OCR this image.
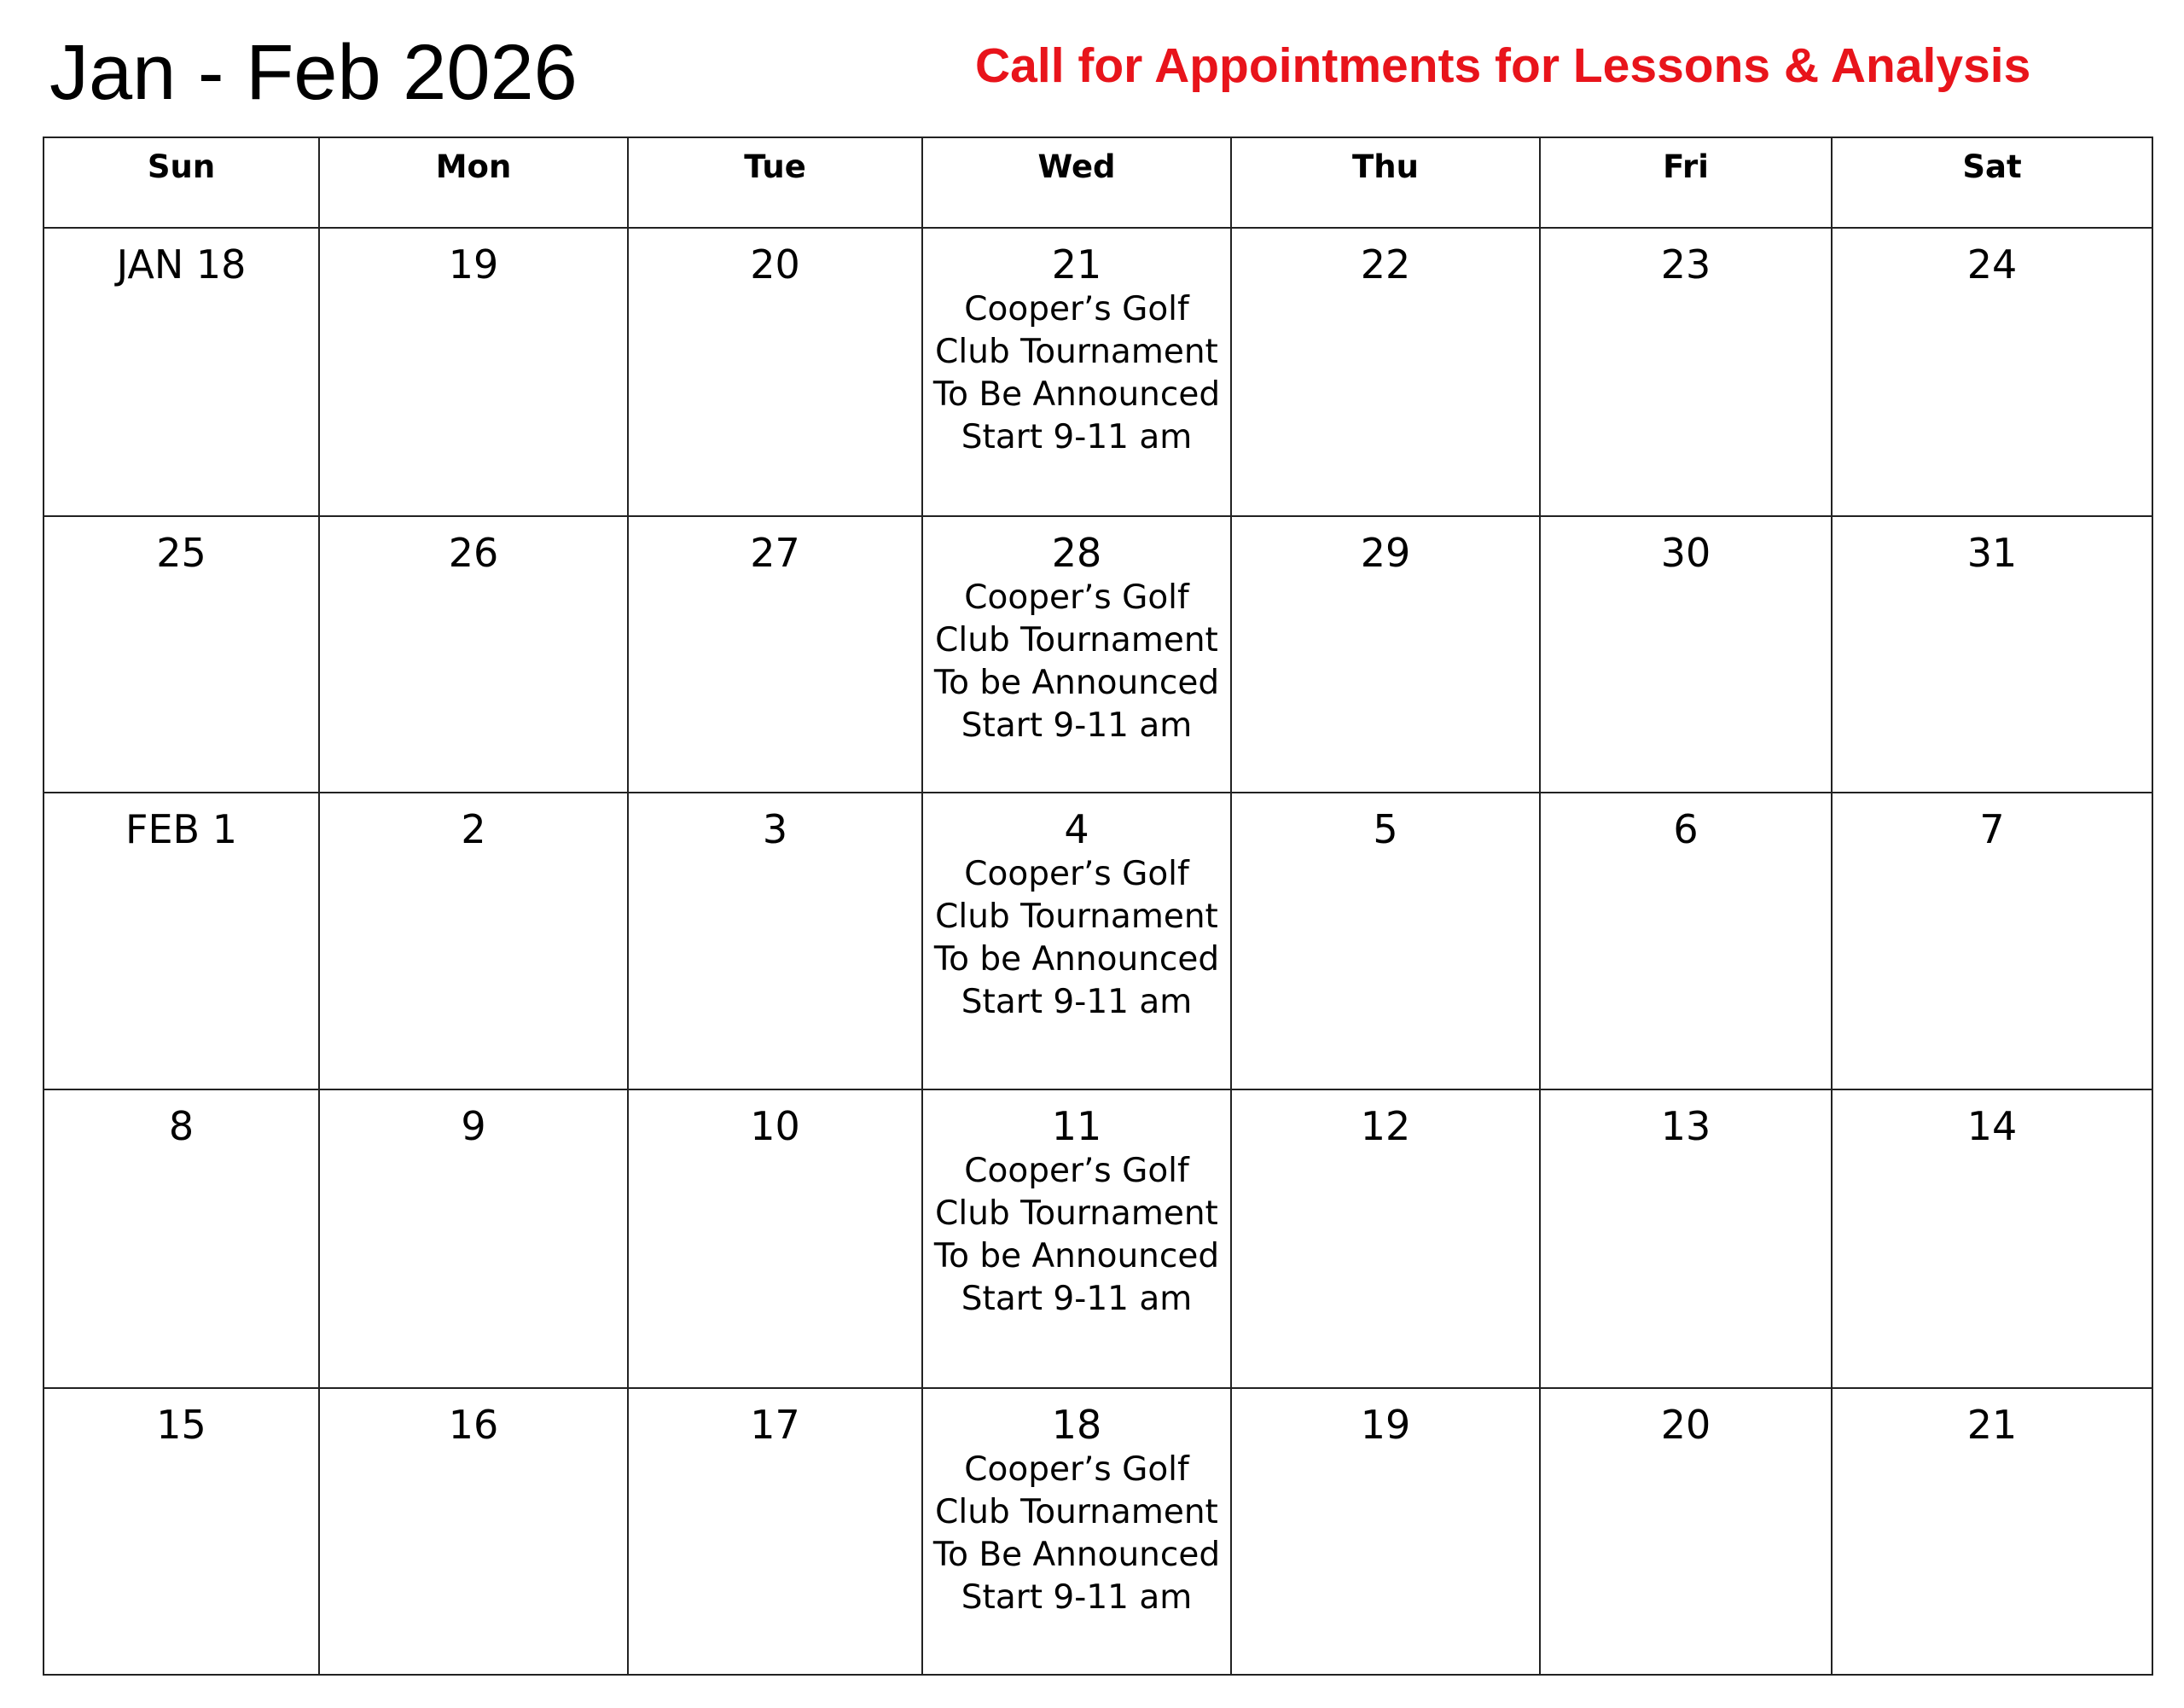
Jan - Feb 2026	Call for Appointments for Lessons & Analysis
Sun	Mon	Tue	Wed	Thu	Fri	Sat

JAN 18	19	20	21
Cooper’s Golf
Club Tournament
To Be Announced
Start 9-11 am	22	23	24

25	26	27	28
Cooper’s Golf
Club Tournament
To be Announced
Start 9-11 am	29	30	31

FEB 1	2	3	4
Cooper’s Golf
Club Tournament
To be Announced
Start 9-11 am	5	6	7

8	9	10	11
Cooper’s Golf
Club Tournament
To be Announced
Start 9-11 am	12	13	14

15	16	17	18
Cooper’s Golf
Club Tournament
To Be Announced
Start 9-11 am	19	20	21
